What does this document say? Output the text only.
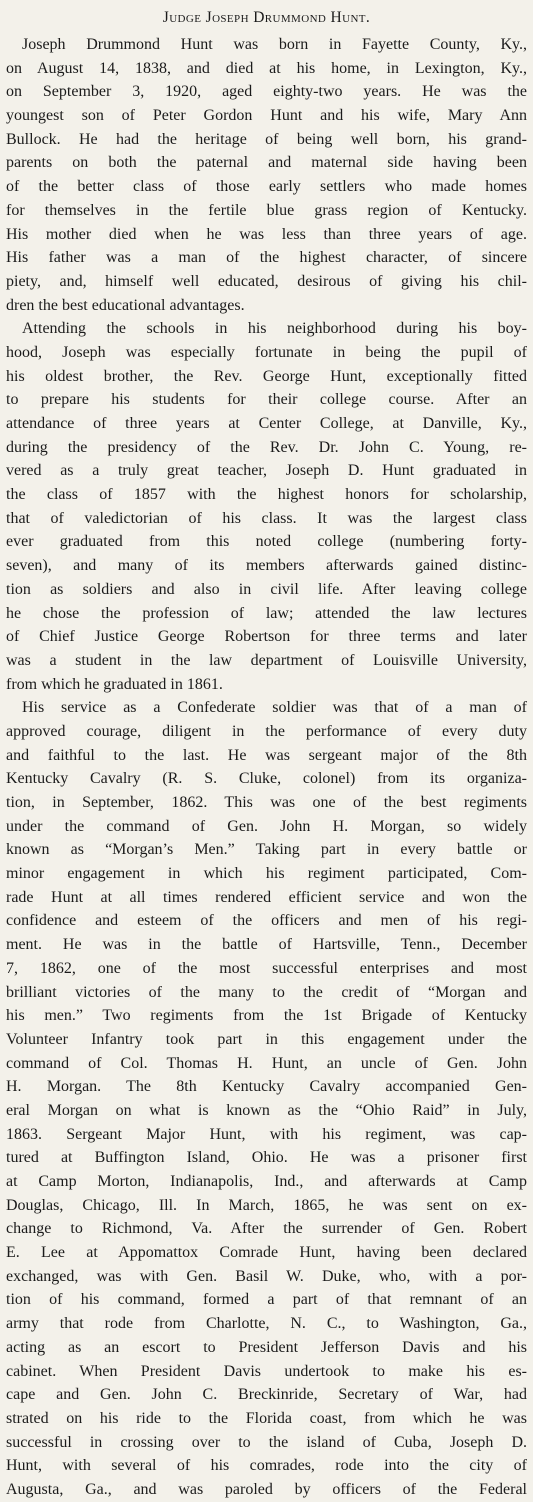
Judge Joseph Drummond Hunt.
Joseph Drummond Hunt was born in Fayette County, Ky.,
on August 14, 1838, and died at his home, in Lexington, Ky.,
on September 3, 1920, aged eighty-two years. He was the
youngest son of Peter Gordon Hunt and his wife, Mary Ann
Bullock. He had the heritage of being well born, his grand-
parents on both the paternal and maternal side having been
of the better class of those early settlers who made homes
for themselves in the fertile blue grass region of Kentucky.
His mother died when he was less than three years of age.
His father was a man of the highest character, of sincere
piety, and, himself well educated, desirous of giving his chil-
dren the best educational advantages.
Attending the schools in his neighborhood during his boy-
hood, Joseph was especially fortunate in being the pupil of
his oldest brother, the Rev. George Hunt, exceptionally fitted
to prepare his students for their college course. After an
attendance of three years at Center College, at Danville, Ky.,
during the presidency of the Rev. Dr. John C. Young, re-
vered as a truly great teacher, Joseph D. Hunt graduated in
the class of 1857 with the highest honors for scholarship,
that of valedictorian of his class. It was the largest class
ever graduated from this noted college (numbering forty-
seven), and many of its members afterwards gained distinc-
tion as soldiers and also in civil life. After leaving college
he chose the profession of law; attended the law lectures
of Chief Justice George Robertson for three terms and later
was a student in the law department of Louisville University,
from which he graduated in 1861.
His service as a Confederate soldier was that of a man of
approved courage, diligent in the performance of every duty
and faithful to the last. He was sergeant major of the 8th
Kentucky Cavalry (R. S. Cluke, colonel) from its organiza-
tion, in September, 1862. This was one of the best regiments
under the command of Gen. John H. Morgan, so widely
known as “Morgan’s Men.” Taking part in every battle or
minor engagement in which his regiment participated, Com-
rade Hunt at all times rendered efficient service and won the
confidence and esteem of the officers and men of his regi-
ment. He was in the battle of Hartsville, Tenn., December
7, 1862, one of the most successful enterprises and most
brilliant victories of the many to the credit of “Morgan and
his men.” Two regiments from the 1st Brigade of Kentucky
Volunteer Infantry took part in this engagement under the
command of Col. Thomas H. Hunt, an uncle of Gen. John
H. Morgan. The 8th Kentucky Cavalry accompanied Gen-
eral Morgan on what is known as the “Ohio Raid” in July,
1863. Sergeant Major Hunt, with his regiment, was cap-
tured at Buffington Island, Ohio. He was a prisoner first
at Camp Morton, Indianapolis, Ind., and afterwards at Camp
Douglas, Chicago, Ill. In March, 1865, he was sent on ex-
change to Richmond, Va. After the surrender of Gen. Robert
E. Lee at Appomattox Comrade Hunt, having been declared
exchanged, was with Gen. Basil W. Duke, who, with a por-
tion of his command, formed a part of that remnant of an
army that rode from Charlotte, N. C., to Washington, Ga.,
acting as an escort to President Jefferson Davis and his
cabinet. When President Davis undertook to make his es-
cape and Gen. John C. Breckinride, Secretary of War, had
strated on his ride to the Florida coast, from which he was
successful in crossing over to the island of Cuba, Joseph D.
Hunt, with several of his comrades, rode into the city of
Augusta, Ga., and was paroled by officers of the Federal
